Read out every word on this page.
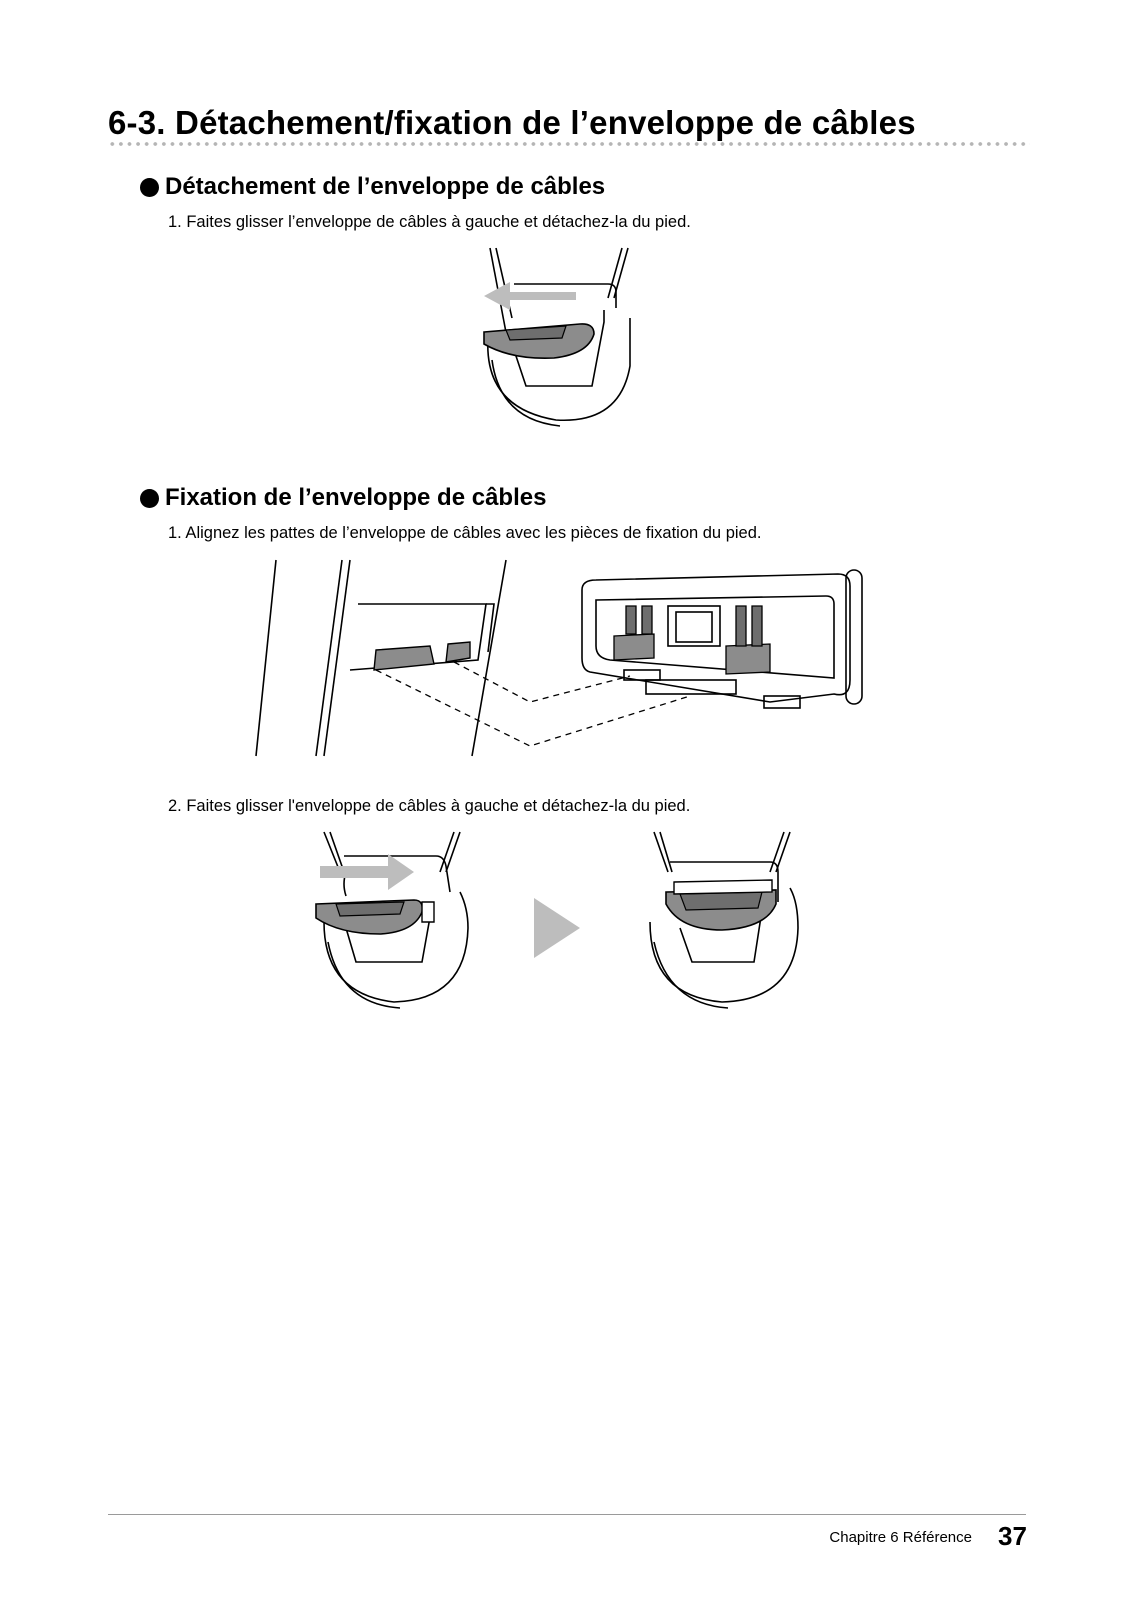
6-3. Détachement/fixation de l’enveloppe de câbles
Détachement de l’enveloppe de câbles
1. Faites glisser l’enveloppe de câbles à gauche et détachez-la du pied.
Fixation de l’enveloppe de câbles
1. Alignez les pattes de l’enveloppe de câbles avec les pièces de fixation du pied.
2. Faites glisser l'enveloppe de câbles à gauche et détachez-la du pied.
Chapitre 6 Référence 37
